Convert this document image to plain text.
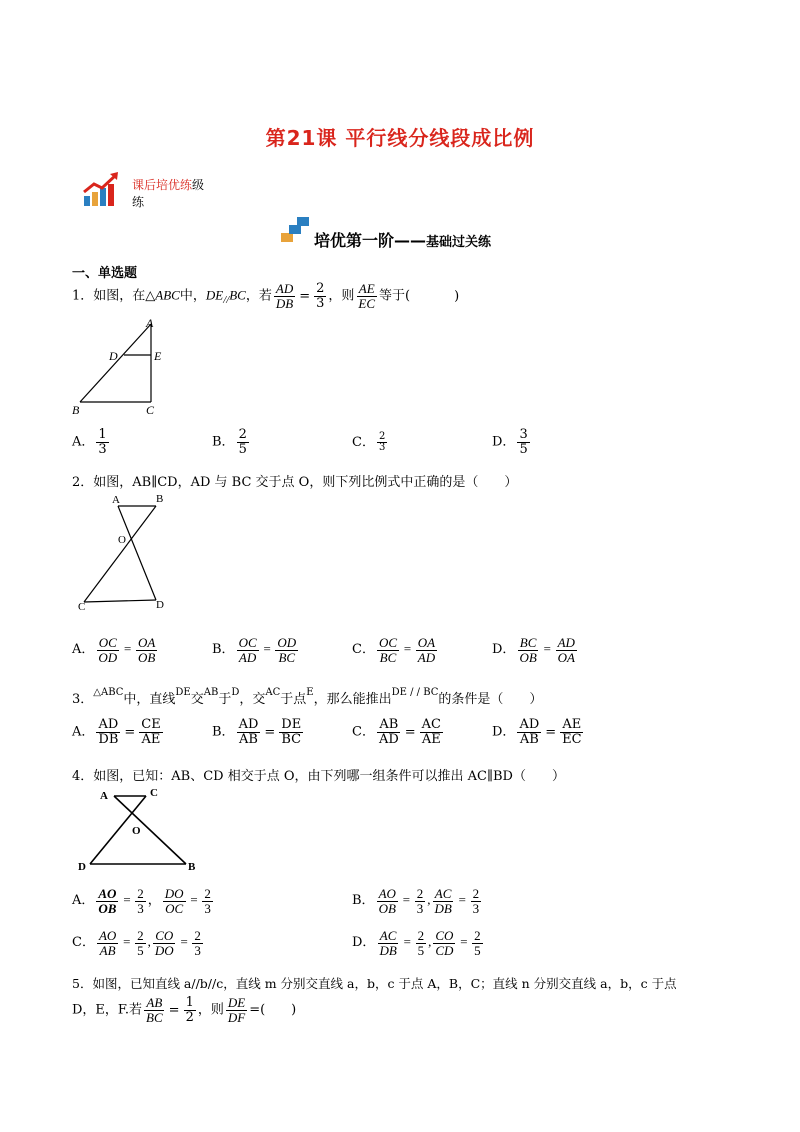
第21课 平行线分线段成比例
课后培优练级
练
培优第一阶——基础过关练
一、单选题
1．如图，在△ABC中，$DE_{//}BC$，若 $\frac{AD}{DB} = \frac{2}{3}$ ，则 $\frac{AE}{EC}$ 等于(	)
A
D	E
B	C
A． $\frac{1}{3}$	B． $\frac{2}{5}$	C． $\frac{2}{3}$	D． $\frac{3}{5}$
2．如图，AB∥CD，AD 与 BC 交于点 O，则下列比例式中正确的是（　　）
A	B
O
C	D
A． $\frac{OC}{OD} = \frac{OA}{OB}$	B． $\frac{OC}{AD} = \frac{OD}{BC}$	C． $\frac{OC}{BC} = \frac{OA}{AD}$	D． $\frac{BC}{OB} = \frac{AD}{OA}$
3．$^{\triangle ABC}$中，直线$^{DE}$交$^{AB}$于$^D$，交$^{AC}$于点$^E$，那么能推出$^{DE / / BC}$的条件是（　　）
A． $\frac{AD}{DB} = \frac{CE}{AE}$	B． $\frac{AD}{AB} = \frac{DE}{BC}$	C． $\frac{AB}{AD} = \frac{AC}{AE}$	D． $\frac{AD}{AB} = \frac{AE}{EC}$
4．如图，已知：AB、CD 相交于点 O，由下列哪一组条件可以推出 AC∥BD（　　）
A	C
O
D	B
A． $\frac{AO}{OB} = \frac{2}{3}$ ， $\frac{DO}{OC} = \frac{2}{3}$	B． $\frac{AO}{OB} = \frac{2}{3}$ , $\frac{AC}{DB} = \frac{2}{3}$
C． $\frac{AO}{AB} = \frac{2}{5}$ , $\frac{CO}{DO} = \frac{2}{3}$	D． $\frac{AC}{DB} = \frac{2}{5}$ , $\frac{CO}{CD} = \frac{2}{5}$
5．如图，已知直线 a//b//c，直线 m 分别交直线 a，b，c 于点 A，B，C；直线 n 分别交直线 a，b，c 于点
D，E，F.若 $\frac{AB}{BC} = \frac{1}{2}$ ，则 $\frac{DE}{DF}$ =(　　)
